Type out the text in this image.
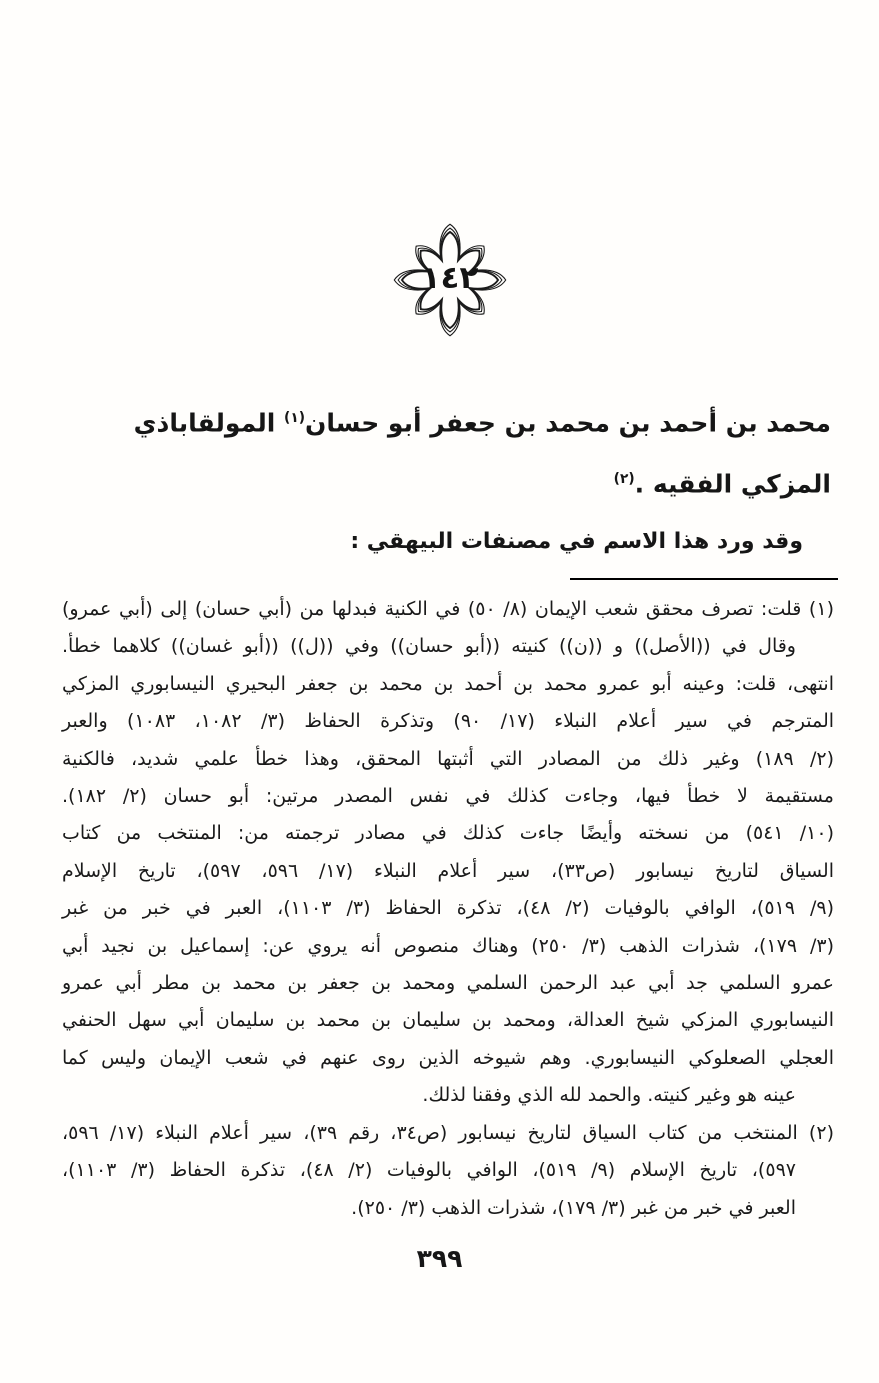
١٤٢
محمد بن أحمد بن محمد بن جعفر أبو حسان$^{(١)}$ المولقاباذي
المزكي الفقيه .$^{(٢)}$
وقد ورد هذا الاسم في مصنفات البيهقي :
(١) قلت: تصرف محقق شعب الإيمان (٨/ ٥٠) في الكنية فبدلها من (أبي حسان) إلى (أبي عمرو)
وقال في ((الأصل)) و ((ن)) كنيته ((أبو حسان)) وفي ((ل)) ((أبو غسان)) كلاهما خطأ.
انتهى، قلت: وعينه أبو عمرو محمد بن أحمد بن محمد بن جعفر البحيري النيسابوري المزكي
المترجم في سير أعلام النبلاء (١٧/ ٩٠) وتذكرة الحفاظ (٣/ ١٠٨٢، ١٠٨٣) والعبر
(٢/ ١٨٩) وغير ذلك من المصادر التي أثبتها المحقق، وهذا خطأ علمي شديد، فالكنية
مستقيمة لا خطأ فيها، وجاءت كذلك في نفس المصدر مرتين: أبو حسان (٢/ ١٨٢).
(١٠/ ٥٤١) من نسخته وأيضًا جاءت كذلك في مصادر ترجمته من: المنتخب من كتاب
السياق لتاريخ نيسابور (ص٣٣)، سير أعلام النبلاء (١٧/ ٥٩٦، ٥٩٧)، تاريخ الإسلام
(٩/ ٥١٩)، الوافي بالوفيات (٢/ ٤٨)، تذكرة الحفاظ (٣/ ١١٠٣)، العبر في خبر من غبر
(٣/ ١٧٩)، شذرات الذهب (٣/ ٢٥٠) وهناك منصوص أنه يروي عن: إسماعيل بن نجيد أبي
عمرو السلمي جد أبي عبد الرحمن السلمي ومحمد بن جعفر بن محمد بن مطر أبي عمرو
النيسابوري المزكي شيخ العدالة، ومحمد بن سليمان بن محمد بن سليمان أبي سهل الحنفي
العجلي الصعلوكي النيسابوري. وهم شيوخه الذين روى عنهم في شعب الإيمان وليس كما
عينه هو وغير كنيته. والحمد لله الذي وفقنا لذلك.
(٢) المنتخب من كتاب السياق لتاريخ نيسابور (ص٣٤، رقم ٣٩)، سير أعلام النبلاء (١٧/ ٥٩٦،
٥٩٧)، تاريخ الإسلام (٩/ ٥١٩)، الوافي بالوفيات (٢/ ٤٨)، تذكرة الحفاظ (٣/ ١١٠٣)،
العبر في خبر من غبر (٣/ ١٧٩)، شذرات الذهب (٣/ ٢٥٠).
٣٩٩
